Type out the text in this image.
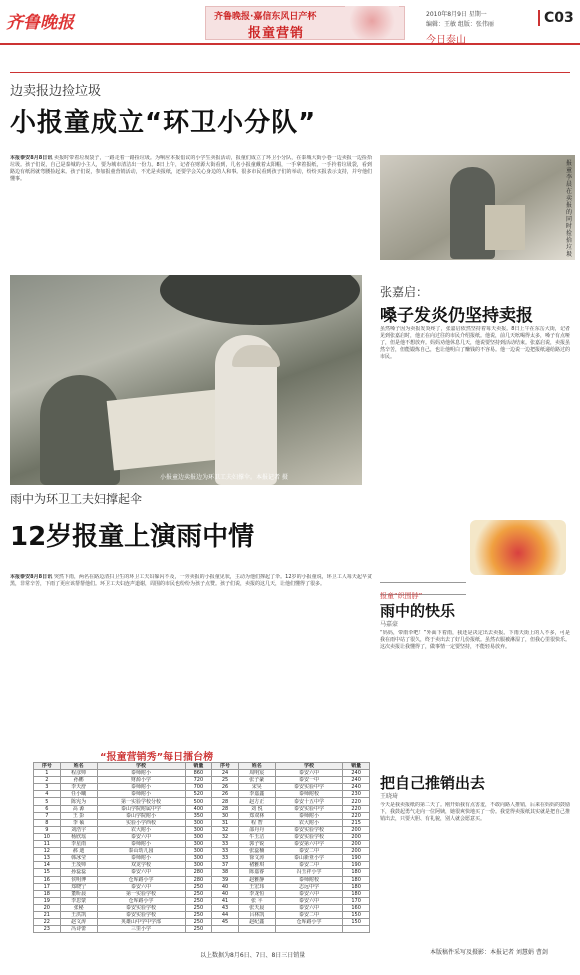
齐鲁晚报	齐鲁晚报·嘉信东风日产杯
报童营销
2010年8月9日 星期一
编辑：王敏 组版：张伟丽
今日泰山
C03
边卖报边捡垃圾
小报童成立“环卫小分队”
本报泰安8月8日讯 卖报时带着垃圾袋子，一路走着一路捡垃圾。为响应本报倡议的小学生卖报活动，报童们成立了环卫小分队，在泰城大街小巷一边卖报一边捡拾垃圾。孩子们说，自己是泰城的小主人，要为城市清洁出一份力。8日上午，记者在财源大街看到，几名小报童戴着太阳帽，一手拿着报纸，一手拎着垃圾袋，看到路边有纸屑就弯腰捡起来。孩子们说，参加报童营销活动，不光是卖报纸，还要学会关心身边的人和事。很多市民看到孩子们的举动，纷纷买报表示支持，并夸他们懂事。
报童李晨在卖报的同时捡拾垃圾
小报童边卖报边为环卫工夫妇撑伞。本报记者 摄
雨中为环卫工夫妇撑起伞
12岁报童上演雨中情
本报泰安8月8日讯 突然下雨，两名在路边清扫卫生的环卫工夫妇躲闪不及，一旁卖报的小报童见状，主动为他们撑起了伞。12岁的小报童说，环卫工人每天起早贪黑，非常辛苦，下雨了更应该帮帮他们。环卫工夫妇连声道谢，周围的市民也纷纷为孩子点赞。孩子们说，卖报的这几天，让他们懂得了很多。
“报童营销秀”每日擂台榜
序号	姓名	学校	销量	序号	姓名	学校	销量
1	程彦帅	泰师附小	860	24	周明宸	泰安六中	240
2	孙鹏	财源小学	720	25	张子豪	泰安一中	240
3	李天舒	泰师附小	700	26	宋昊	泰安实验中学	240
4	任小曦	泰师附小	520	26	李嘉鑫	泰师附校	230
5	陈宪为	第一实验学校分校	500	28	赵方正	泰安十五中学	220
6	高 源	泰山学院附属中学	400	28	刘 悦	泰安实验中学	220
7	王 彭	泰山学院附小	350	30	郑双林	泰师附小	220
8	李 硕	实验小学西校	300	31	程 智	农大附小	215
9	刘浩宇	农大附小	300	32	邵丹丹	泰安实验学校	200
10	杨欣瑶	泰安六中	300	32	牛玉洁	泰安实验学校	200
11	李星雨	泰师附小	300	33	郭子锐	泰安第六中学	200
12	郝 迪	泰山幼儿园	300	33	张蕊楠	泰安二中	200
13	韩冰莹	泰师附小	300	33	徐文涛	泰山新亚小学	190
14	王茂帅	双龙学校	300	37	褚雅琪	泰安二中	190
15	孙蕊蕊	泰安六中	280	38	陈嘉睿	冯玉祥小学	180
16	侯明博	仓库路小学	280	39	赵雅静	泰师附校	180
17	郑晓宁	泰安六中	250	40	王宏玮	志远中学	180
18	董昕晨	第一实验学校	250	40	李龙恒	泰安六中	180
19	李思蒙	仓库路小学	250	41	张 平	泰安六中	170
20	张秘	泰安实验学校	250	43	张天晨	泰安六中	160
21	王洪凯	泰安实验学校	250	44	吕林凯	泰安二中	150
22	赵文涛	英雄山中学中学部	250	45	赵纪鑫	仓库路小学	150
23	冯诗蕾	三里小学	250				
以上数据为8月6日、7日、8日三日销量
张嘉启：
嗓子发炎仍坚持卖报
虽然嗓子因为卖报发炎疼了，张嘉启依然坚持着每天卖报。8日上午在东岳大街，记者见到张嘉启时，他正在向过往的市民介绍报纸。他说，前几天吆喝得太多，嗓子有点哑了，但是他不想放弃。妈妈劝他休息几天，他说要坚持到活动结束。张嘉启说，卖报虽然辛苦，但能锻炼自己，也让他明白了赚钱的不容易。他一边说一边把报纸递给路过的市民。
报童“织围脖”
雨中的快乐
马嘉豪
“妈妈，带雨伞吧！”外面下着雨，我还是决定出去卖报。下雨天街上的人不多，可是我在雨中站了很久，终于卖出去了好几份报纸。虽然衣服被淋湿了，但我心里很快乐。这次卖报让我懂得了，做事情一定要坚持，不能轻易放弃。
把自己推销出去
王晓琦
今天是我卖报纸的第二天了。刚开始我有点害羞，不敢向路人推销，后来在妈妈的鼓励下，我鼓起勇气走向一位阿姨，她很爽快地买了一份。我觉得卖报纸其实就是把自己推销出去，只要大胆、有礼貌，别人就会愿意买。
本版稿件采写及摄影：本报记者 刘慧娟 曹剑
